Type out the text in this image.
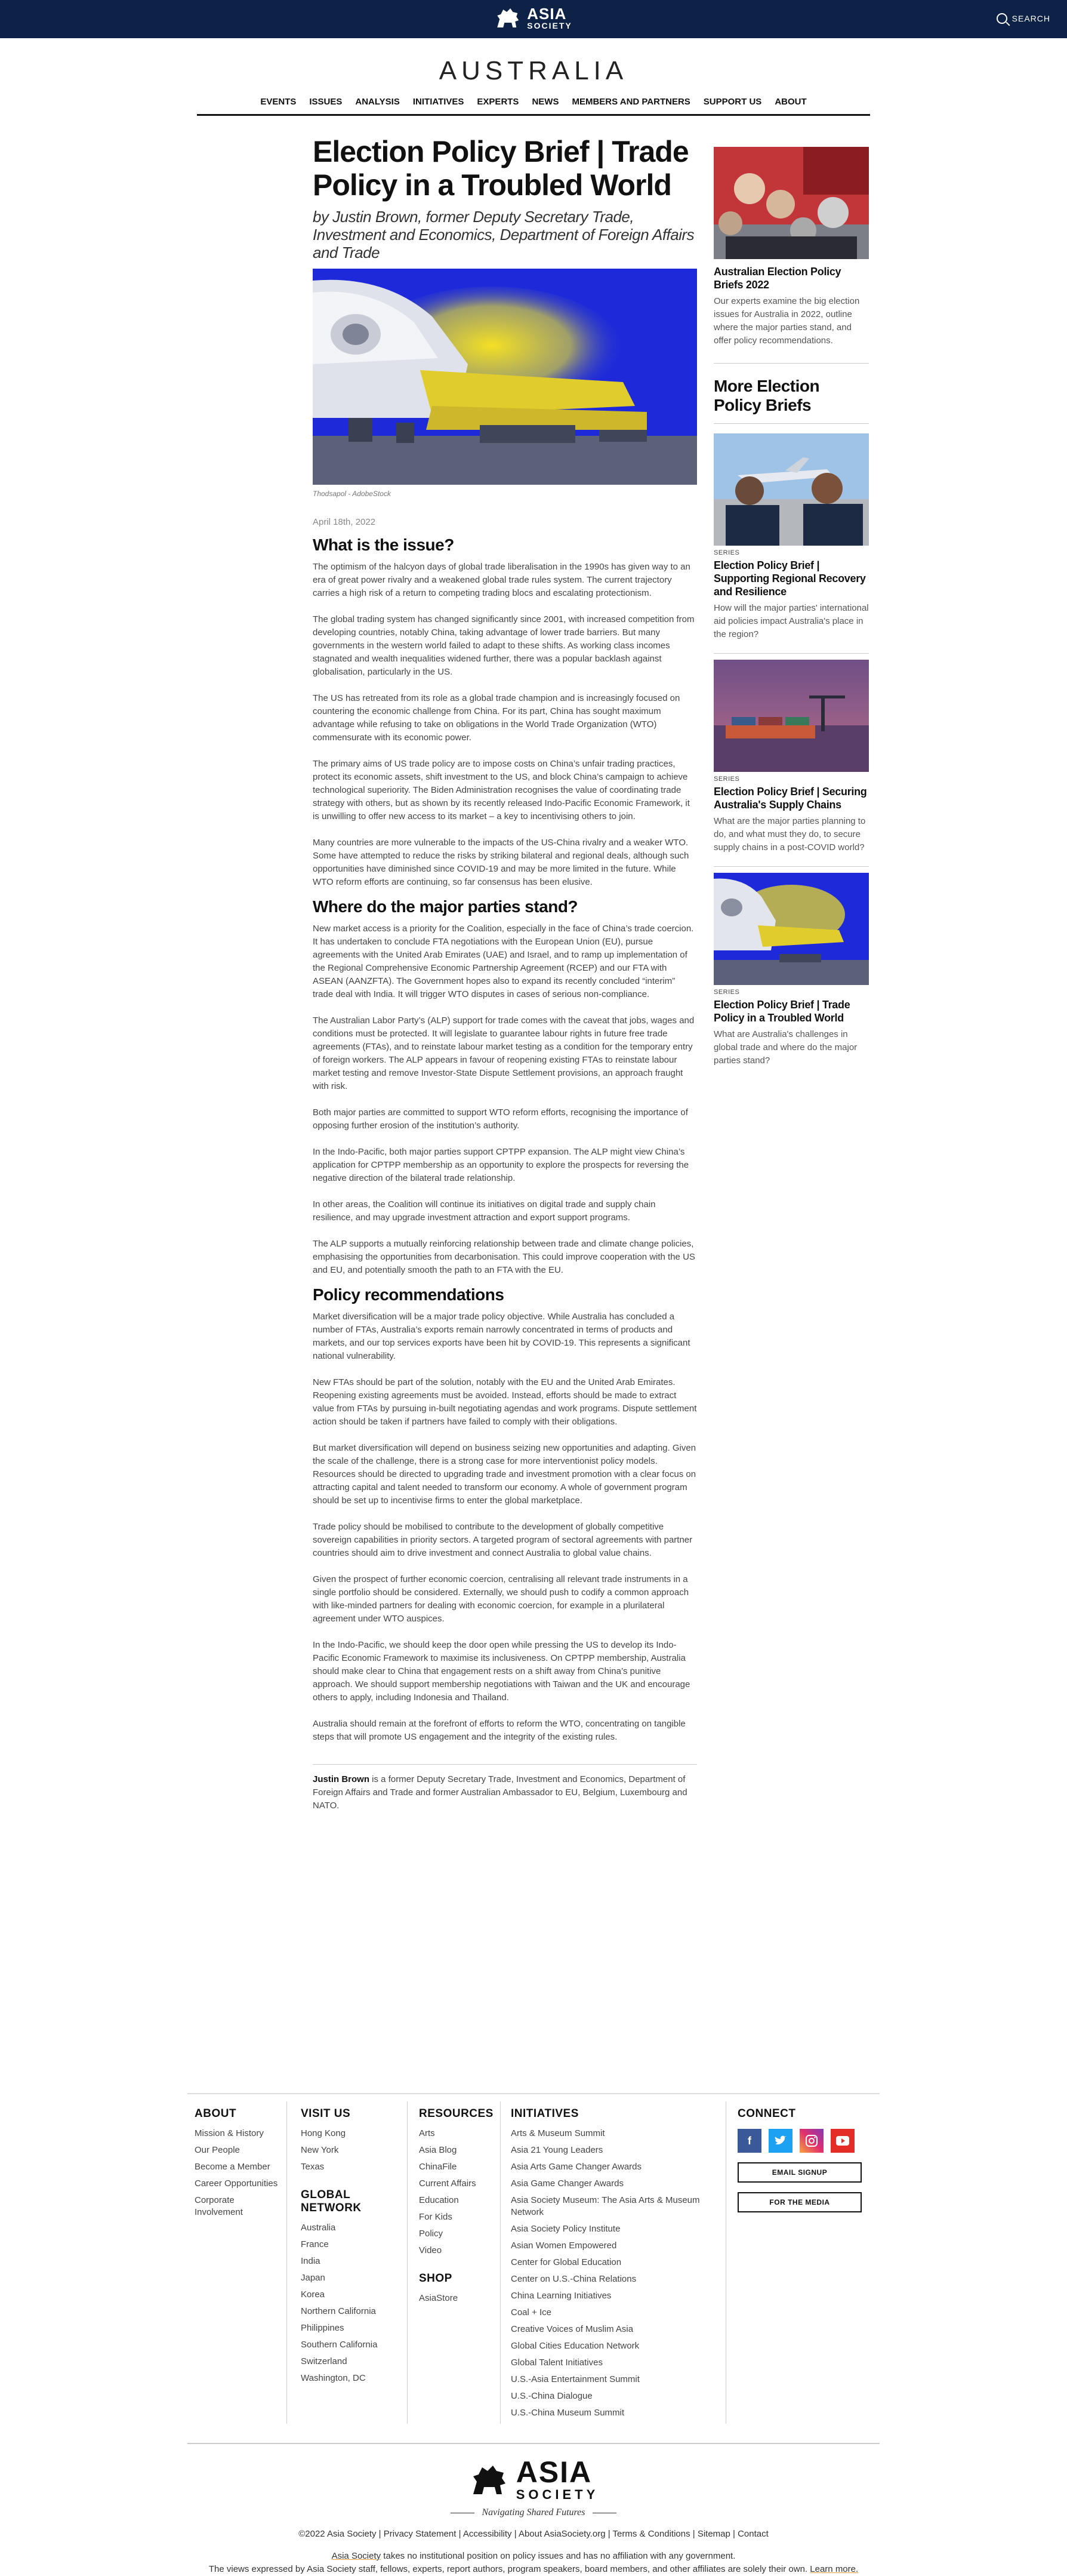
ASIA
SOCIETY
SEARCH
AUSTRALIA
EVENTS ISSUES ANALYSIS INITIATIVES EXPERTS NEWS MEMBERS AND PARTNERS SUPPORT US ABOUT
Election Policy Brief | Trade Policy in a Troubled World
by Justin Brown, former Deputy Secretary Trade, Investment and Economics, Department of Foreign Affairs and Trade
Thodsapol - AdobeStock
April 18th, 2022
What is the issue?

The optimism of the halcyon days of global trade liberalisation in the 1990s has given way to an era of great power rivalry and a weakened global trade rules system. The current trajectory carries a high risk of a return to competing trading blocs and escalating protectionism.

The global trading system has changed significantly since 2001, with increased competition from developing countries, notably China, taking advantage of lower trade barriers. But many governments in the western world failed to adapt to these shifts. As working class incomes stagnated and wealth inequalities widened further, there was a popular backlash against globalisation, particularly in the US.

The US has retreated from its role as a global trade champion and is increasingly focused on countering the economic challenge from China. For its part, China has sought maximum advantage while refusing to take on obligations in the World Trade Organization (WTO) commensurate with its economic power.

The primary aims of US trade policy are to impose costs on China’s unfair trading practices, protect its economic assets, shift investment to the US, and block China’s campaign to achieve technological superiority. The Biden Administration recognises the value of coordinating trade strategy with others, but as shown by its recently released Indo-Pacific Economic Framework, it is unwilling to offer new access to its market – a key to incentivising others to join.

Many countries are more vulnerable to the impacts of the US-China rivalry and a weaker WTO. Some have attempted to reduce the risks by striking bilateral and regional deals, although such opportunities have diminished since COVID-19 and may be more limited in the future. While WTO reform efforts are continuing, so far consensus has been elusive.

Where do the major parties stand?

New market access is a priority for the Coalition, especially in the face of China’s trade coercion. It has undertaken to conclude FTA negotiations with the European Union (EU), pursue agreements with the United Arab Emirates (UAE) and Israel, and to ramp up implementation of the Regional Comprehensive Economic Partnership Agreement (RCEP) and our FTA with ASEAN (AANZFTA). The Government hopes also to expand its recently concluded “interim” trade deal with India. It will trigger WTO disputes in cases of serious non-compliance.

The Australian Labor Party’s (ALP) support for trade comes with the caveat that jobs, wages and conditions must be protected. It will legislate to guarantee labour rights in future free trade agreements (FTAs), and to reinstate labour market testing as a condition for the temporary entry of foreign workers. The ALP appears in favour of reopening existing FTAs to reinstate labour market testing and remove Investor-State Dispute Settlement provisions, an approach fraught with risk.

Both major parties are committed to support WTO reform efforts, recognising the importance of opposing further erosion of the institution’s authority.

In the Indo-Pacific, both major parties support CPTPP expansion. The ALP might view China’s application for CPTPP membership as an opportunity to explore the prospects for reversing the negative direction of the bilateral trade relationship.

In other areas, the Coalition will continue its initiatives on digital trade and supply chain resilience, and may upgrade investment attraction and export support programs.

The ALP supports a mutually reinforcing relationship between trade and climate change policies, emphasising the opportunities from decarbonisation. This could improve cooperation with the US and EU, and potentially smooth the path to an FTA with the EU.

Policy recommendations

Market diversification will be a major trade policy objective. While Australia has concluded a number of FTAs, Australia’s exports remain narrowly concentrated in terms of products and markets, and our top services exports have been hit by COVID-19. This represents a significant national vulnerability.

New FTAs should be part of the solution, notably with the EU and the United Arab Emirates. Reopening existing agreements must be avoided. Instead, efforts should be made to extract value from FTAs by pursuing in-built negotiating agendas and work programs. Dispute settlement action should be taken if partners have failed to comply with their obligations.

But market diversification will depend on business seizing new opportunities and adapting. Given the scale of the challenge, there is a strong case for more interventionist policy models. Resources should be directed to upgrading trade and investment promotion with a clear focus on attracting capital and talent needed to transform our economy. A whole of government program should be set up to incentivise firms to enter the global marketplace.

Trade policy should be mobilised to contribute to the development of globally competitive sovereign capabilities in priority sectors. A targeted program of sectoral agreements with partner countries should aim to drive investment and connect Australia to global value chains.

Given the prospect of further economic coercion, centralising all relevant trade instruments in a single portfolio should be considered. Externally, we should push to codify a common approach with like-minded partners for dealing with economic coercion, for example in a plurilateral agreement under WTO auspices.

In the Indo-Pacific, we should keep the door open while pressing the US to develop its Indo-Pacific Economic Framework to maximise its inclusiveness. On CPTPP membership, Australia should make clear to China that engagement rests on a shift away from China’s punitive approach. We should support membership negotiations with Taiwan and the UK and encourage others to apply, including Indonesia and Thailand.

Australia should remain at the forefront of efforts to reform the WTO, concentrating on tangible steps that will promote US engagement and the integrity of the existing rules.

Justin Brown is a former Deputy Secretary Trade, Investment and Economics, Department of Foreign Affairs and Trade and former Australian Ambassador to EU, Belgium, Luxembourg and NATO.
Australian Election Policy Briefs 2022
Our experts examine the big election issues for Australia in 2022, outline where the major parties stand, and offer policy recommendations.
More Election Policy Briefs
SERIES
Election Policy Brief | Supporting Regional Recovery and Resilience
How will the major parties' international aid policies impact Australia's place in the region?
SERIES
Election Policy Brief | Securing Australia's Supply Chains
What are the major parties planning to do, and what must they do, to secure supply chains in a post-COVID world?
SERIES
Election Policy Brief | Trade Policy in a Troubled World
What are Australia's challenges in global trade and where do the major parties stand?
ABOUT
Mission & History
Our People
Become a Member
Career Opportunities
Corporate Involvement
VISIT US
Hong Kong
New York
Texas
GLOBAL NETWORK
Australia
France
India
Japan
Korea
Northern California
Philippines
Southern California
Switzerland
Washington, DC
RESOURCES
Arts
Asia Blog
ChinaFile
Current Affairs
Education
For Kids
Policy
Video
SHOP
AsiaStore
INITIATIVES
Arts & Museum Summit
Asia 21 Young Leaders
Asia Arts Game Changer Awards
Asia Game Changer Awards
Asia Society Museum: The Asia Arts & Museum Network
Asia Society Policy Institute
Asian Women Empowered
Center for Global Education
Center on U.S.-China Relations
China Learning Initiatives
Coal + Ice
Creative Voices of Muslim Asia
Global Cities Education Network
Global Talent Initiatives
U.S.-Asia Entertainment Summit
U.S.-China Dialogue
U.S.-China Museum Summit
CONNECT
f
EMAIL SIGNUP
FOR THE MEDIA
ASIA
SOCIETY
Navigating Shared Futures
©2022 Asia Society | Privacy Statement | Accessibility | About AsiaSociety.org | Terms & Conditions | Sitemap | Contact
Asia Society takes no institutional position on policy issues and has no affiliation with any government.
The views expressed by Asia Society staff, fellows, experts, report authors, program speakers, board members, and other affiliates are solely their own. Learn more.
